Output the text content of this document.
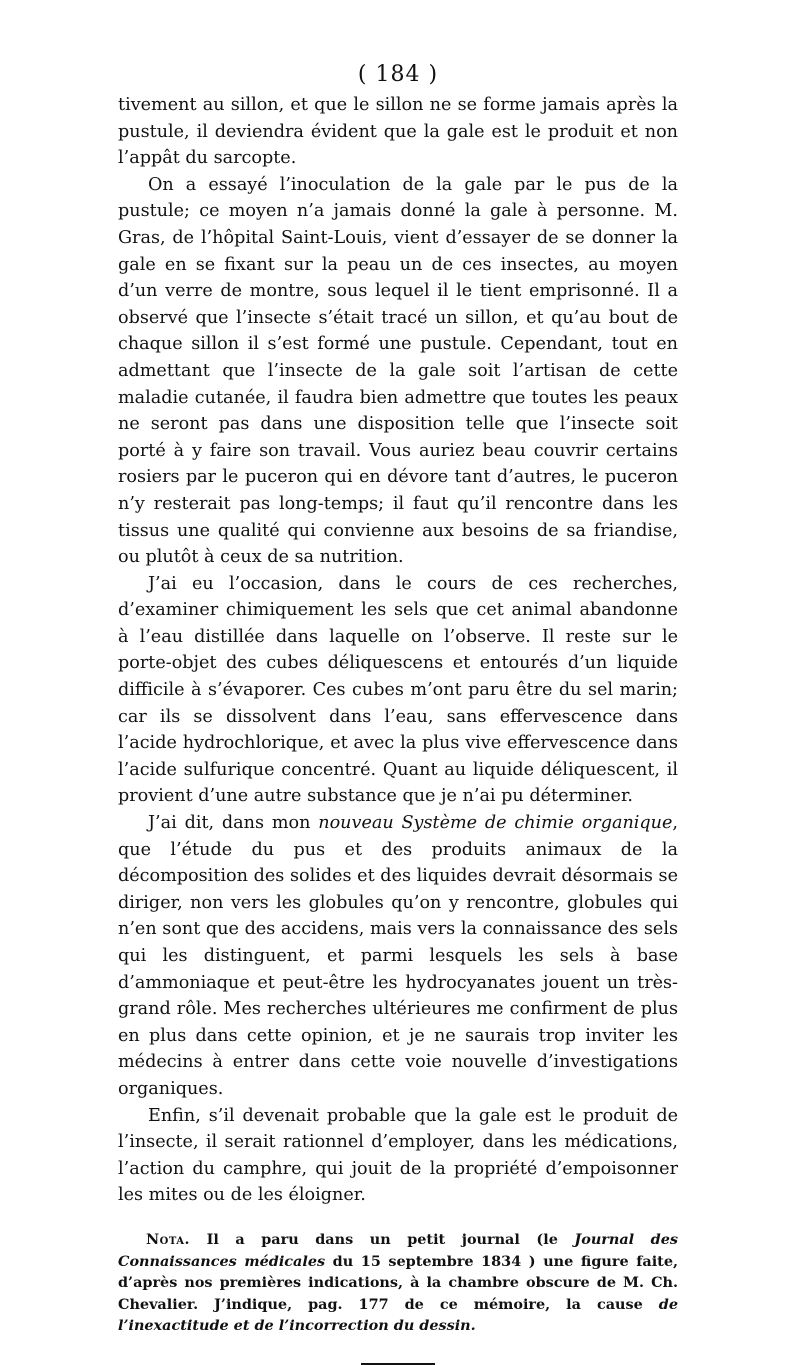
( 184 )

tivement au sillon, et que le sillon ne se forme jamais après la pustule, il deviendra évident que la gale est le produit et non l’appât du sarcopte.

On a essayé l’inoculation de la gale par le pus de la pustule; ce moyen n’a jamais donné la gale à personne. M. Gras, de l’hôpital Saint-Louis, vient d’essayer de se donner la gale en se fixant sur la peau un de ces insectes, au moyen d’un verre de montre, sous lequel il le tient emprisonné. Il a observé que l’insecte s’était tracé un sillon, et qu’au bout de chaque sillon il s’est formé une pustule. Cependant, tout en admettant que l’insecte de la gale soit l’artisan de cette maladie cutanée, il faudra bien admettre que toutes les peaux ne seront pas dans une disposition telle que l’insecte soit porté à y faire son travail. Vous auriez beau couvrir certains rosiers par le puceron qui en dévore tant d’autres, le puceron n’y resterait pas long-temps; il faut qu’il rencontre dans les tissus une qualité qui convienne aux besoins de sa friandise, ou plutôt à ceux de sa nutrition.

J’ai eu l’occasion, dans le cours de ces recherches, d’examiner chimiquement les sels que cet animal abandonne à l’eau distillée dans laquelle on l’observe. Il reste sur le porte-objet des cubes déliquescens et entourés d’un liquide difficile à s’évaporer. Ces cubes m’ont paru être du sel marin; car ils se dissolvent dans l’eau, sans effervescence dans l’acide hydrochlorique, et avec la plus vive effervescence dans l’acide sulfurique concentré. Quant au liquide déliquescent, il provient d’une autre substance que je n’ai pu déterminer.

J’ai dit, dans mon nouveau Système de chimie organique, que l’étude du pus et des produits animaux de la décomposition des solides et des liquides devrait désormais se diriger, non vers les globules qu’on y rencontre, globules qui n’en sont que des accidens, mais vers la connaissance des sels qui les distinguent, et parmi lesquels les sels à base d’ammoniaque et peut-être les hydrocyanates jouent un très-grand rôle. Mes recherches ultérieures me confirment de plus en plus dans cette opinion, et je ne saurais trop inviter les médecins à entrer dans cette voie nouvelle d’investigations organiques.

Enfin, s’il devenait probable que la gale est le produit de l’insecte, il serait rationnel d’employer, dans les médications, l’action du camphre, qui jouit de la propriété d’empoisonner les mites ou de les éloigner.

Nota. Il a paru dans un petit journal (le Journal des Connaissances médicales du 15 septembre 1834 ) une figure faite, d’après nos premières indications, à la chambre obscure de M. Ch. Chevalier. J’indique, pag. 177 de ce mémoire, la cause de l’inexactitude et de l’incorrection du dessin.
